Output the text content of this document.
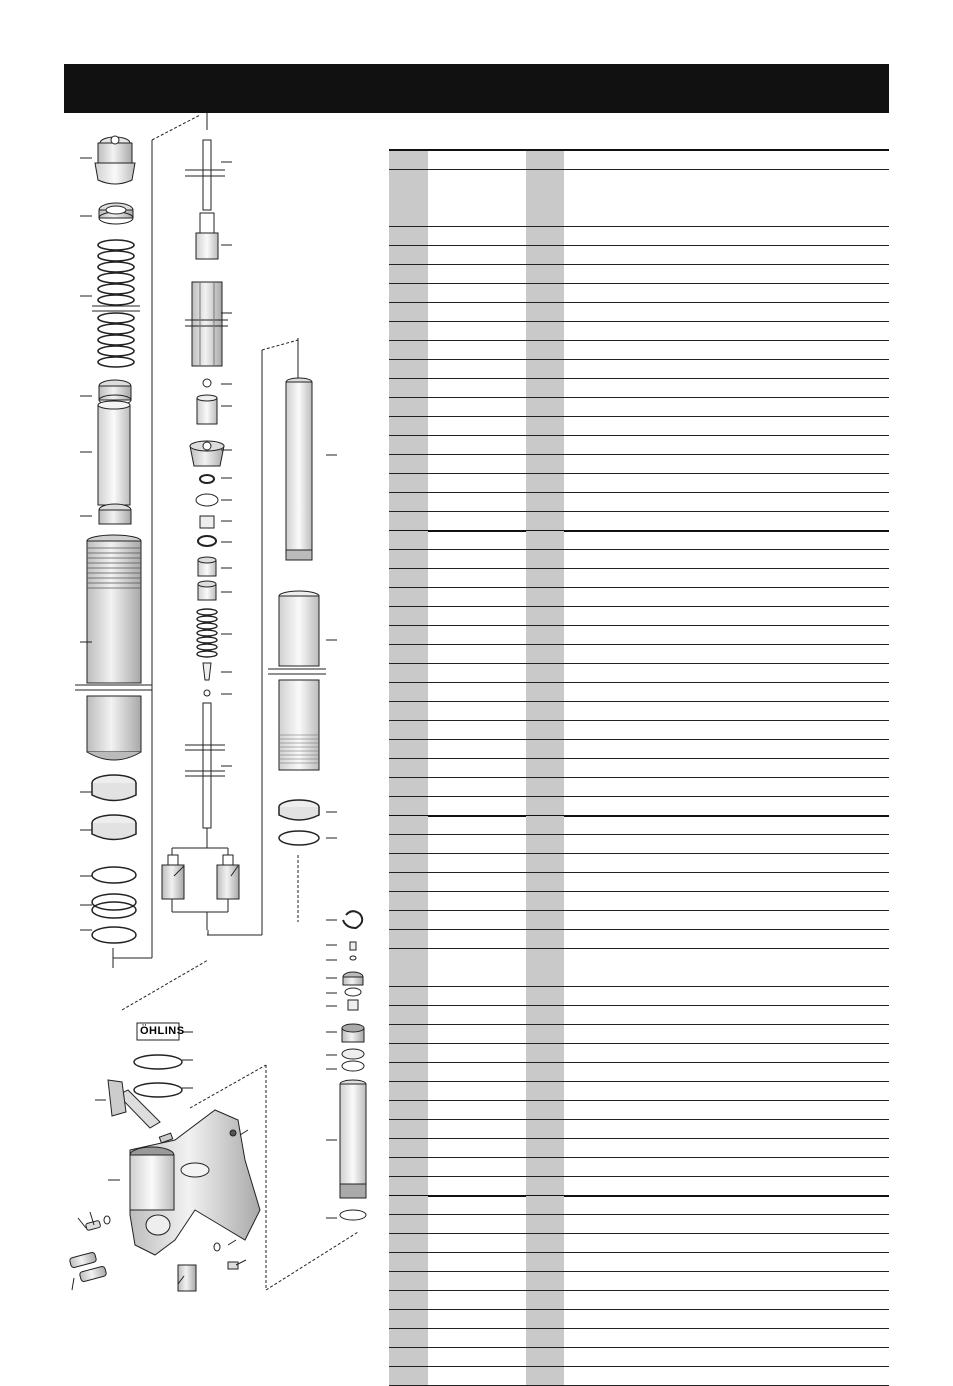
ÖHLINS
